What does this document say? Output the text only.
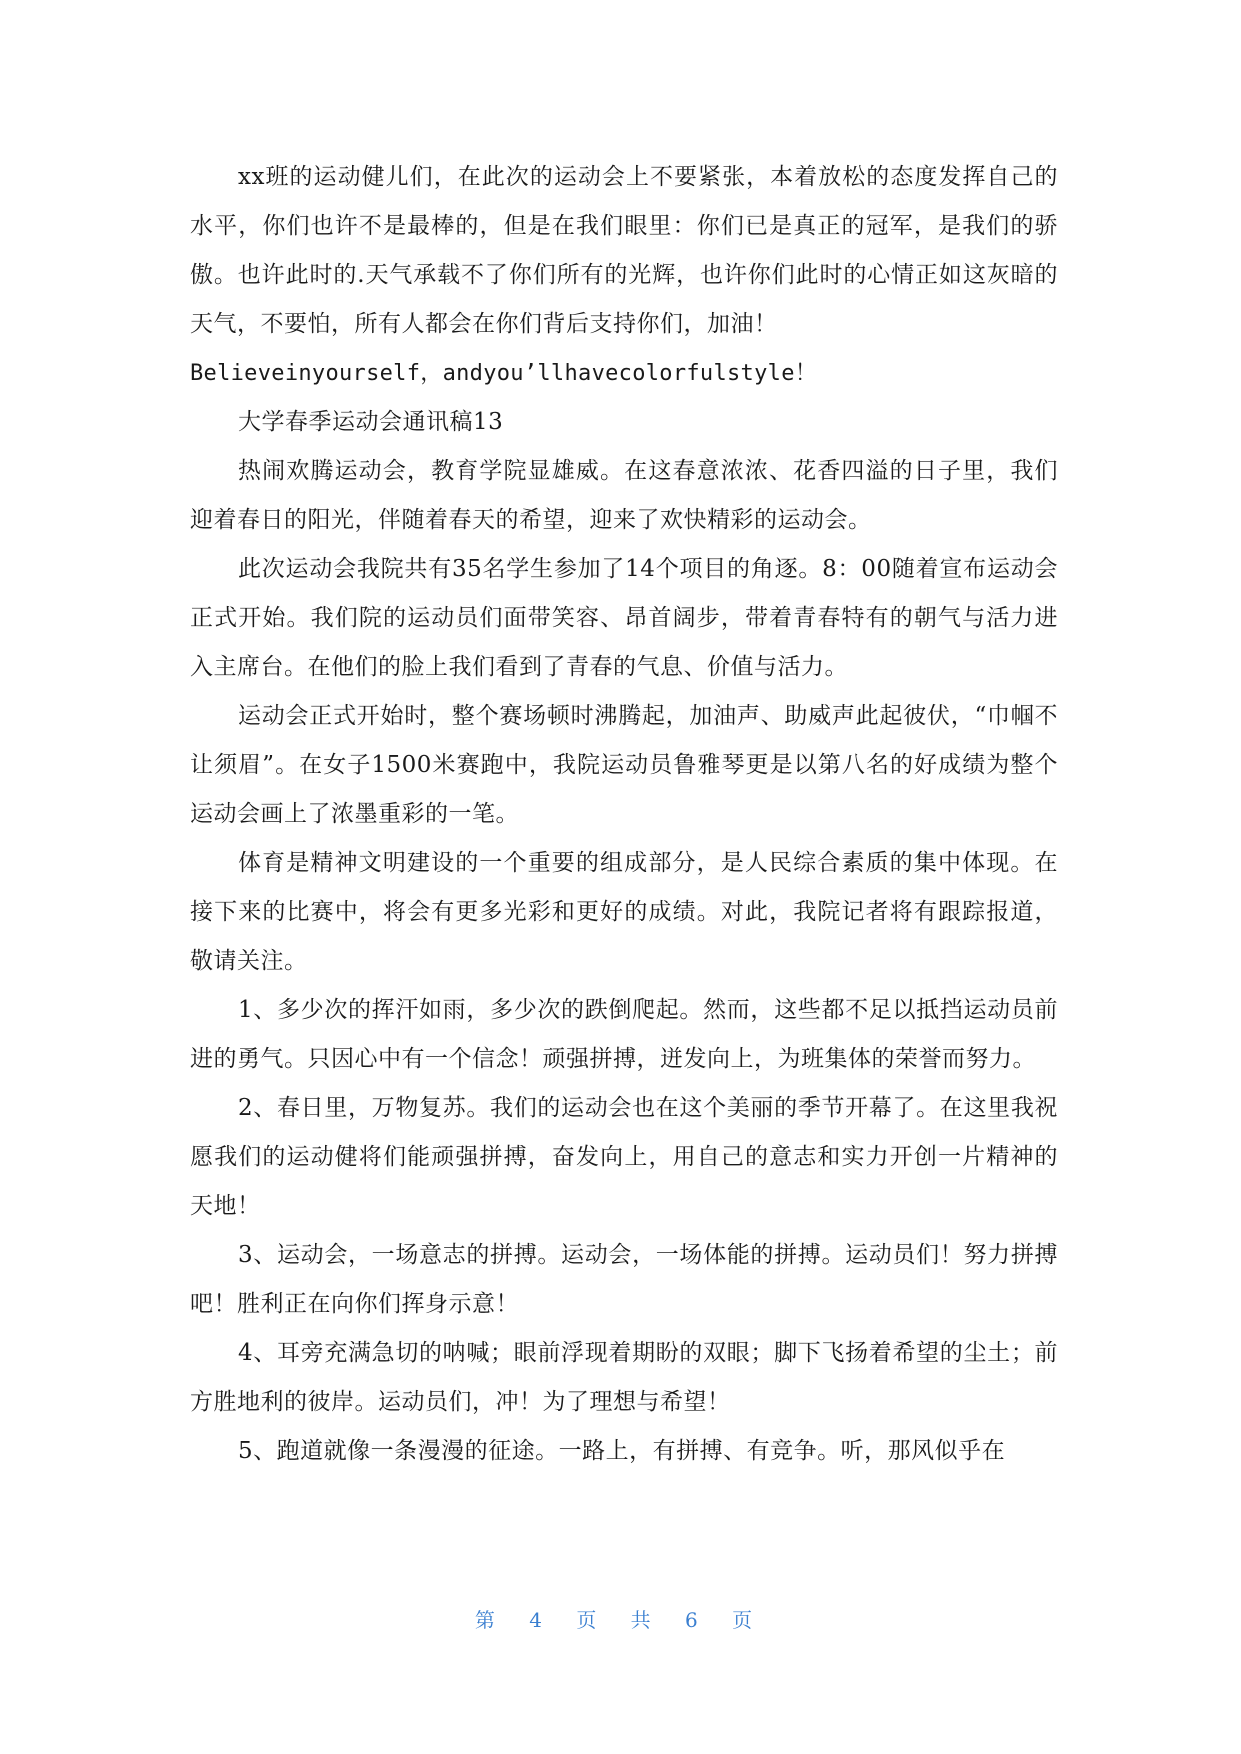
xx班的运动健儿们，在此次的运动会上不要紧张，本着放松的态度发挥自己的水平，你们也许不是最棒的，但是在我们眼里：你们已是真正的冠军，是我们的骄傲。也许此时的.天气承载不了你们所有的光辉，也许你们此时的心情正如这灰暗的天气，不要怕，所有人都会在你们背后支持你们，加油！

Believeinyourself，andyou’llhavecolorfulstyle！

大学春季运动会通讯稿13

热闹欢腾运动会，教育学院显雄威。在这春意浓浓、花香四溢的日子里，我们迎着春日的阳光，伴随着春天的希望，迎来了欢快精彩的运动会。

此次运动会我院共有35名学生参加了14个项目的角逐。8：00随着宣布运动会正式开始。我们院的运动员们面带笑容、昂首阔步，带着青春特有的朝气与活力进入主席台。在他们的脸上我们看到了青春的气息、价值与活力。

运动会正式开始时，整个赛场顿时沸腾起，加油声、助威声此起彼伏，“巾帼不让须眉”。在女子1500米赛跑中，我院运动员鲁雅琴更是以第八名的好成绩为整个运动会画上了浓墨重彩的一笔。

体育是精神文明建设的一个重要的组成部分，是人民综合素质的集中体现。在接下来的比赛中，将会有更多光彩和更好的成绩。对此，我院记者将有跟踪报道，敬请关注。

1、多少次的挥汗如雨，多少次的跌倒爬起。然而，这些都不足以抵挡运动员前进的勇气。只因心中有一个信念！顽强拼搏，迸发向上，为班集体的荣誉而努力。

2、春日里，万物复苏。我们的运动会也在这个美丽的季节开幕了。在这里我祝愿我们的运动健将们能顽强拼搏，奋发向上，用自己的意志和实力开创一片精神的天地！

3、运动会，一场意志的拼搏。运动会，一场体能的拼搏。运动员们！努力拼搏吧！胜利正在向你们挥身示意！

4、耳旁充满急切的呐喊；眼前浮现着期盼的双眼；脚下飞扬着希望的尘土；前方胜地利的彼岸。运动员们，冲！为了理想与希望！

5、跑道就像一条漫漫的征途。一路上，有拼搏、有竞争。听，那风似乎在

第 4 页 共 6 页
